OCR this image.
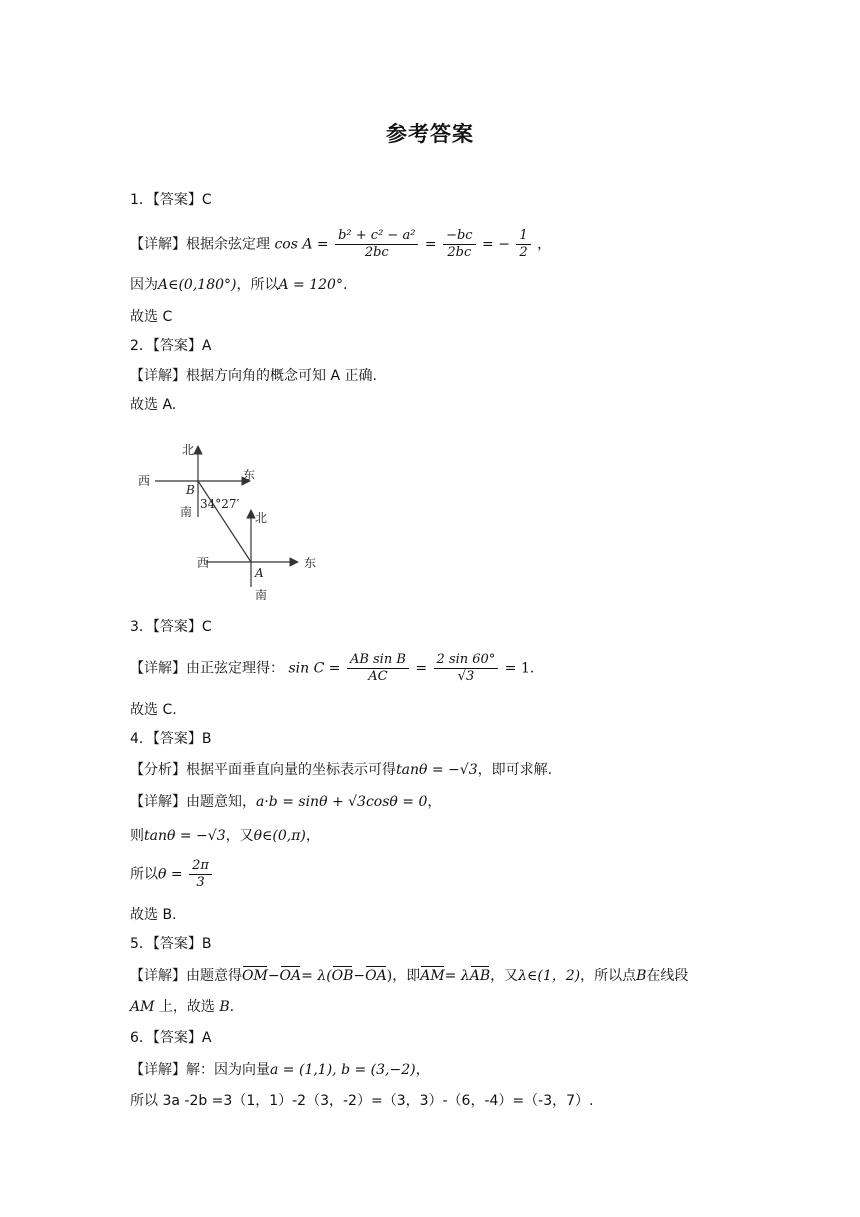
参考答案
1．【答案】C
【详解】根据余弦定理 $\cos A = \frac{\text{b² + c² − a²}}{2bc} = \frac{-bc}{2bc}$ = − $\frac{1}{2}$ ，
因为A∈(0,180°)，所以A = 120°.
故选 C
2．【答案】A
【详解】根据方向角的概念可知 A 正确.
故选 A.
北
西	东
南
B
34°27′
北
西	东
南
A
3．【答案】C
【详解】由正弦定理得： $\sin C = \frac{\text{AB sin B}}{AC} = \frac{2 \sin 60^\circ}{√3} = 1$.
故选 C.
4．【答案】B
【分析】根据平面垂直向量的坐标表示可得tanθ = −√3，即可求解.
【详解】由题意知，a·b = sinθ + √3cosθ = 0，
则tanθ = −√3，又θ∈(0,π)，
所以$\theta = \frac{2\pi}{3}$
故选 B.
5．【答案】B
【详解】由题意得OM−OA= λ(OB−OA)，即AM= λAB，又λ∈(1，2)，所以点B在线段
AM 上，故选 B.
6．【答案】A
【详解】解：因为向量a = (1,1), b = (3,−2)，
所以 3a -2b =3（1，1）-2（3，-2）=（3，3）-（6，-4）=（-3，7）.
